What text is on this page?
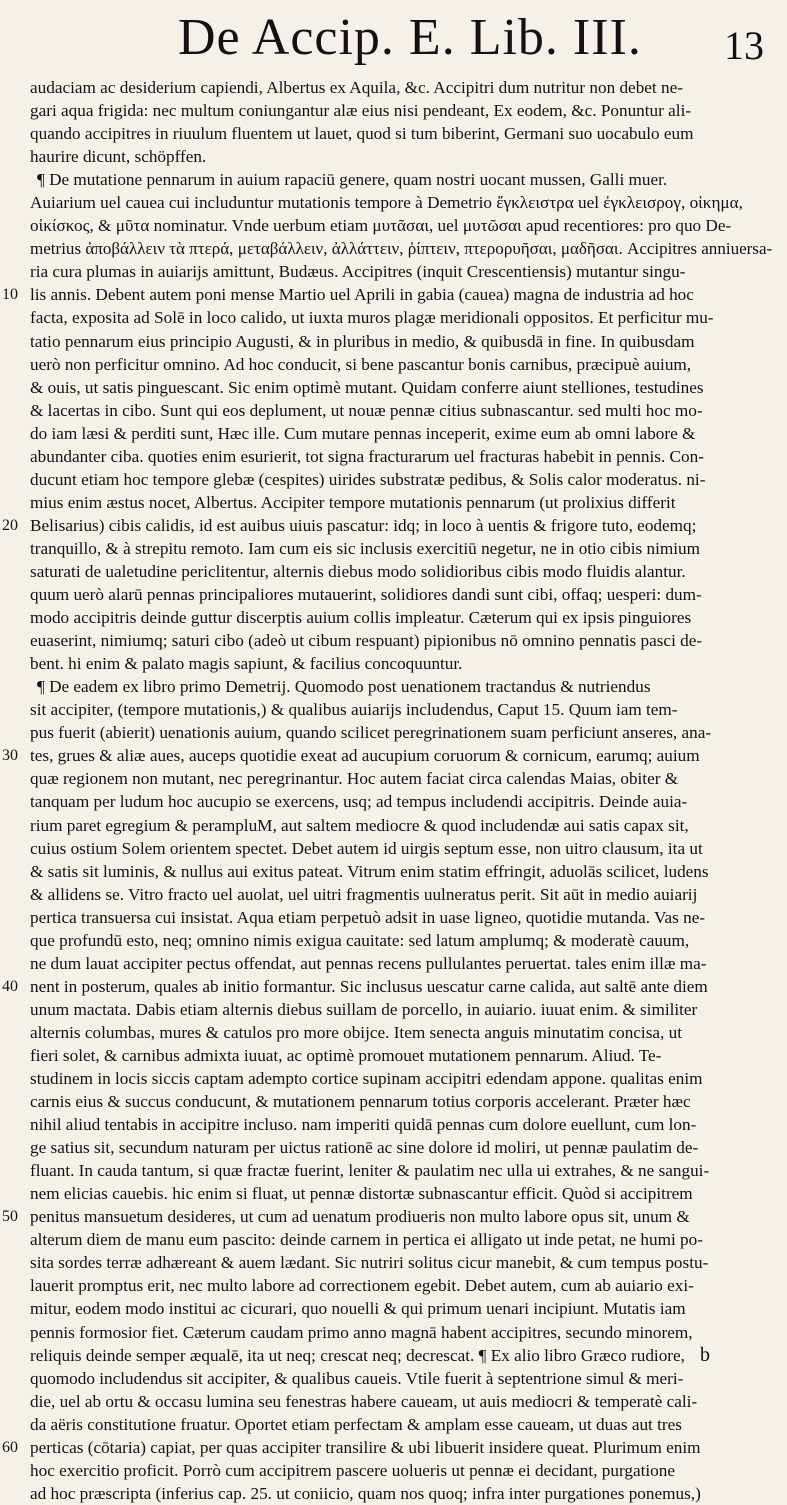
De Accip. E. Lib. III. 13
audaciam ac desiderium capiendi, Albertus ex Aquila, &c. Accipitri dum nutritur non debet ne-
gari aqua frigida: nec multum coniungantur alæ eius nisi pendeant, Ex eodem, &c. Ponuntur ali-
quando accipitres in riuulum fluentem ut lauet, quod si tum biberint, Germani suo uocabulo eum
haurire dicunt, schöpffen.
¶ De mutatione pennarum in auium rapaciū genere, quam nostri uocant mussen, Galli muer.
Auiarium uel cauea cui includuntur mutationis tempore à Demetrio ἔγκλειστρα uel ἐγκλεισρογ, οἰκημα,
οἰκίσκος, & μῦτα nominatur. Vnde uerbum etiam μυτᾶσαι, uel μυτῶσαι apud recentiores: pro quo De-
metrius ἀποβάλλειν τὰ πτερά, μεταβάλλειν, ἀλλάττειν, ῥίπτειν, πτερορυῆσαι, μαδῆσαι. Accipitres anniuersa-
ria cura plumas in auiarijs amittunt, Budæus. Accipitres (inquit Crescentiensis) mutantur singu-
10 lis annis. Debent autem poni mense Martio uel Aprili in gabia (cauea) magna de industria ad hoc
facta, exposita ad Solē in loco calido, ut iuxta muros plagæ meridionali oppositos. Et perficitur mu-
tatio pennarum eius principio Augusti, & in pluribus in medio, & quibusdā in fine. In quibusdam
uerò non perficitur omnino. Ad hoc conducit, si bene pascantur bonis carnibus, præcipuè auium,
& ouis, ut satis pinguescant. Sic enim optimè mutant. Quidam conferre aiunt stelliones, testudines
& lacertas in cibo. Sunt qui eos deplument, ut nouæ pennæ citius subnascantur. sed multi hoc mo-
do iam læsi & perditi sunt, Hæc ille. Cum mutare pennas inceperit, exime eum ab omni labore &
abundanter ciba. quoties enim esurierit, tot signa fracturarum uel fracturas habebit in pennis. Con-
ducunt etiam hoc tempore glebæ (cespites) uirides substratæ pedibus, & Solis calor moderatus. ni-
mius enim æstus nocet, Albertus. Accipiter tempore mutationis pennarum (ut prolixius differit
20 Belisarius) cibis calidis, id est auibus uiuis pascatur: idq; in loco à uentis & frigore tuto, eodemq;
tranquillo, & à strepitu remoto. Iam cum eis sic inclusis exercitiū negetur, ne in otio cibis nimium
saturati de ualetudine periclitentur, alternis diebus modo solidioribus cibis modo fluidis alantur.
quum uerò alarū pennas principaliores mutauerint, solidiores dandi sunt cibi, offaq; uesperi: dum-
modo accipitris deinde guttur discerptis auium collis impleatur. Cæterum qui ex ipsis pinguiores
euaserint, nimiumq; saturi cibo (adeò ut cibum respuant) pipionibus nō omnino pennatis pasci de-
bent. hi enim & palato magis sapiunt, & facilius concoquuntur.
¶ De eadem ex libro primo Demetrij. Quomodo post uenationem tractandus & nutriendus
sit accipiter, (tempore mutationis,) & qualibus auiarijs includendus, Caput 15. Quum iam tem-
pus fuerit (abierit) uenationis auium, quando scilicet peregrinationem suam perficiunt anseres, ana-
30 tes, grues & aliæ aues, auceps quotidie exeat ad aucupium coruorum & cornicum, earumq; auium
quæ regionem non mutant, nec peregrinantur. Hoc autem faciat circa calendas Maias, obiter &
tanquam per ludum hoc aucupio se exercens, usq; ad tempus includendi accipitris. Deinde auia-
rium paret egregium & perampluM, aut saltem mediocre & quod includendæ aui satis capax sit,
cuius ostium Solem orientem spectet. Debet autem id uirgis septum esse, non uitro clausum, ita ut
& satis sit luminis, & nullus aui exitus pateat. Vitrum enim statim effringit, aduolās scilicet, ludens
& allidens se. Vitro fracto uel auolat, uel uitri fragmentis uulneratus perit. Sit aūt in medio auiarij
pertica transuersa cui insistat. Aqua etiam perpetuò adsit in uase ligneo, quotidie mutanda. Vas ne-
que profundū esto, neq; omnino nimis exigua cauitate: sed latum amplumq; & moderatè cauum,
ne dum lauat accipiter pectus offendat, aut pennas recens pullulantes peruertat. tales enim illæ ma-
40 nent in posterum, quales ab initio formantur. Sic inclusus uescatur carne calida, aut saltē ante diem
unum mactata. Dabis etiam alternis diebus suillam de porcello, in auiario. iuuat enim. & similiter
alternis columbas, mures & catulos pro more obijce. Item senecta anguis minutatim concisa, ut
fieri solet, & carnibus admixta iuuat, ac optimè promouet mutationem pennarum. Aliud. Te-
studinem in locis siccis captam adempto cortice supinam accipitri edendam appone. qualitas enim
carnis eius & succus conducunt, & mutationem pennarum totius corporis accelerant. Præter hæc
nihil aliud tentabis in accipitre incluso. nam imperiti quidā pennas cum dolore euellunt, cum lon-
ge satius sit, secundum naturam per uictus rationē ac sine dolore id moliri, ut pennæ paulatim de-
fluant. In cauda tantum, si quæ fractæ fuerint, leniter & paulatim nec ulla ui extrahes, & ne sangui-
nem elicias cauebis. hic enim si fluat, ut pennæ distortæ subnascantur efficit. Quòd si accipitrem
50 penitus mansuetum desideres, ut cum ad uenatum prodiueris non multo labore opus sit, unum &
alterum diem de manu eum pascito: deinde carnem in pertica ei alligato ut inde petat, ne humi po-
sita sordes terræ adhæreant & auem lædant. Sic nutriri solitus cicur manebit, & cum tempus postu-
lauerit promptus erit, nec multo labore ad correctionem egebit. Debet autem, cum ab auiario exi-
mitur, eodem modo institui ac cicurari, quo nouelli & qui primum uenari incipiunt. Mutatis iam
pennis formosior fiet. Cæterum caudam primo anno magnā habent accipitres, secundo minorem,
reliquis deinde semper æqualē, ita ut neq; crescat neq; decrescat. ¶ Ex alio libro Græco rudiore,
quomodo includendus sit accipiter, & qualibus caueis. Vtile fuerit à septentrione simul & meri-
die, uel ab ortu & occasu lumina seu fenestras habere caueam, ut auis mediocri & temperatè cali-
da aëris constitutione fruatur. Oportet etiam perfectam & amplam esse caueam, ut duas aut tres
60 perticas (cōtaria) capiat, per quas accipiter transilire & ubi libuerit insidere queat. Plurimum enim
hoc exercitio proficit. Porrò cum accipitrem pascere uolueris ut pennæ ei decidant, purgatione
ad hoc præscripta (inferius cap. 25. ut coniicio, quam nos quoq; infra inter purgationes ponemus,)
b
